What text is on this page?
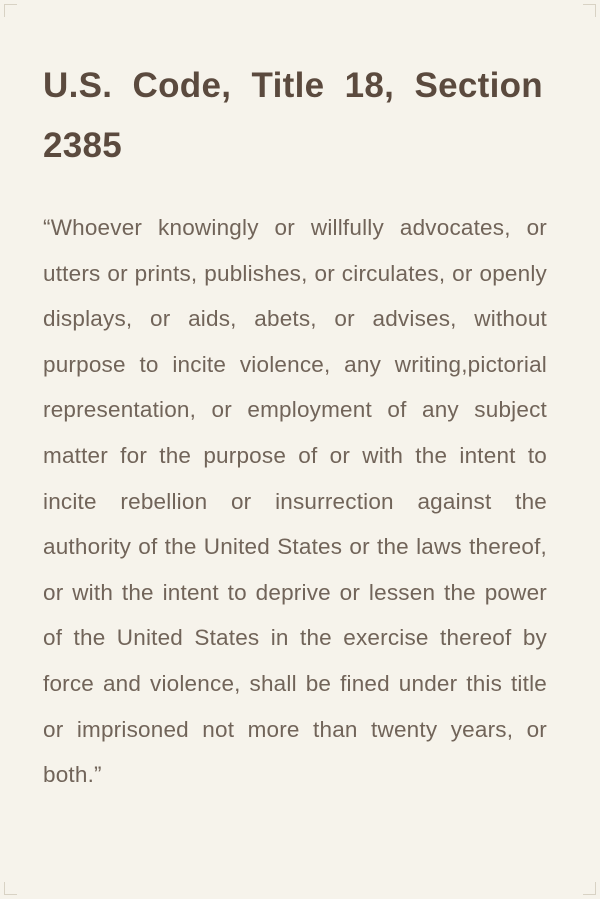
U.S. Code, Title 18, Section 2385

“Whoever knowingly or willfully advocates, or utters or prints, publishes, or circulates, or openly displays, or aids, abets, or advises, without purpose to incite violence, any writing,pictorial representation, or employment of any subject matter for the purpose of or with the intent to incite rebellion or insurrection against the authority of the United States or the laws thereof, or with the intent to deprive or lessen the power of the United States in the exercise thereof by force and violence, shall be fined under this title or imprisoned not more than twenty years, or both.”
